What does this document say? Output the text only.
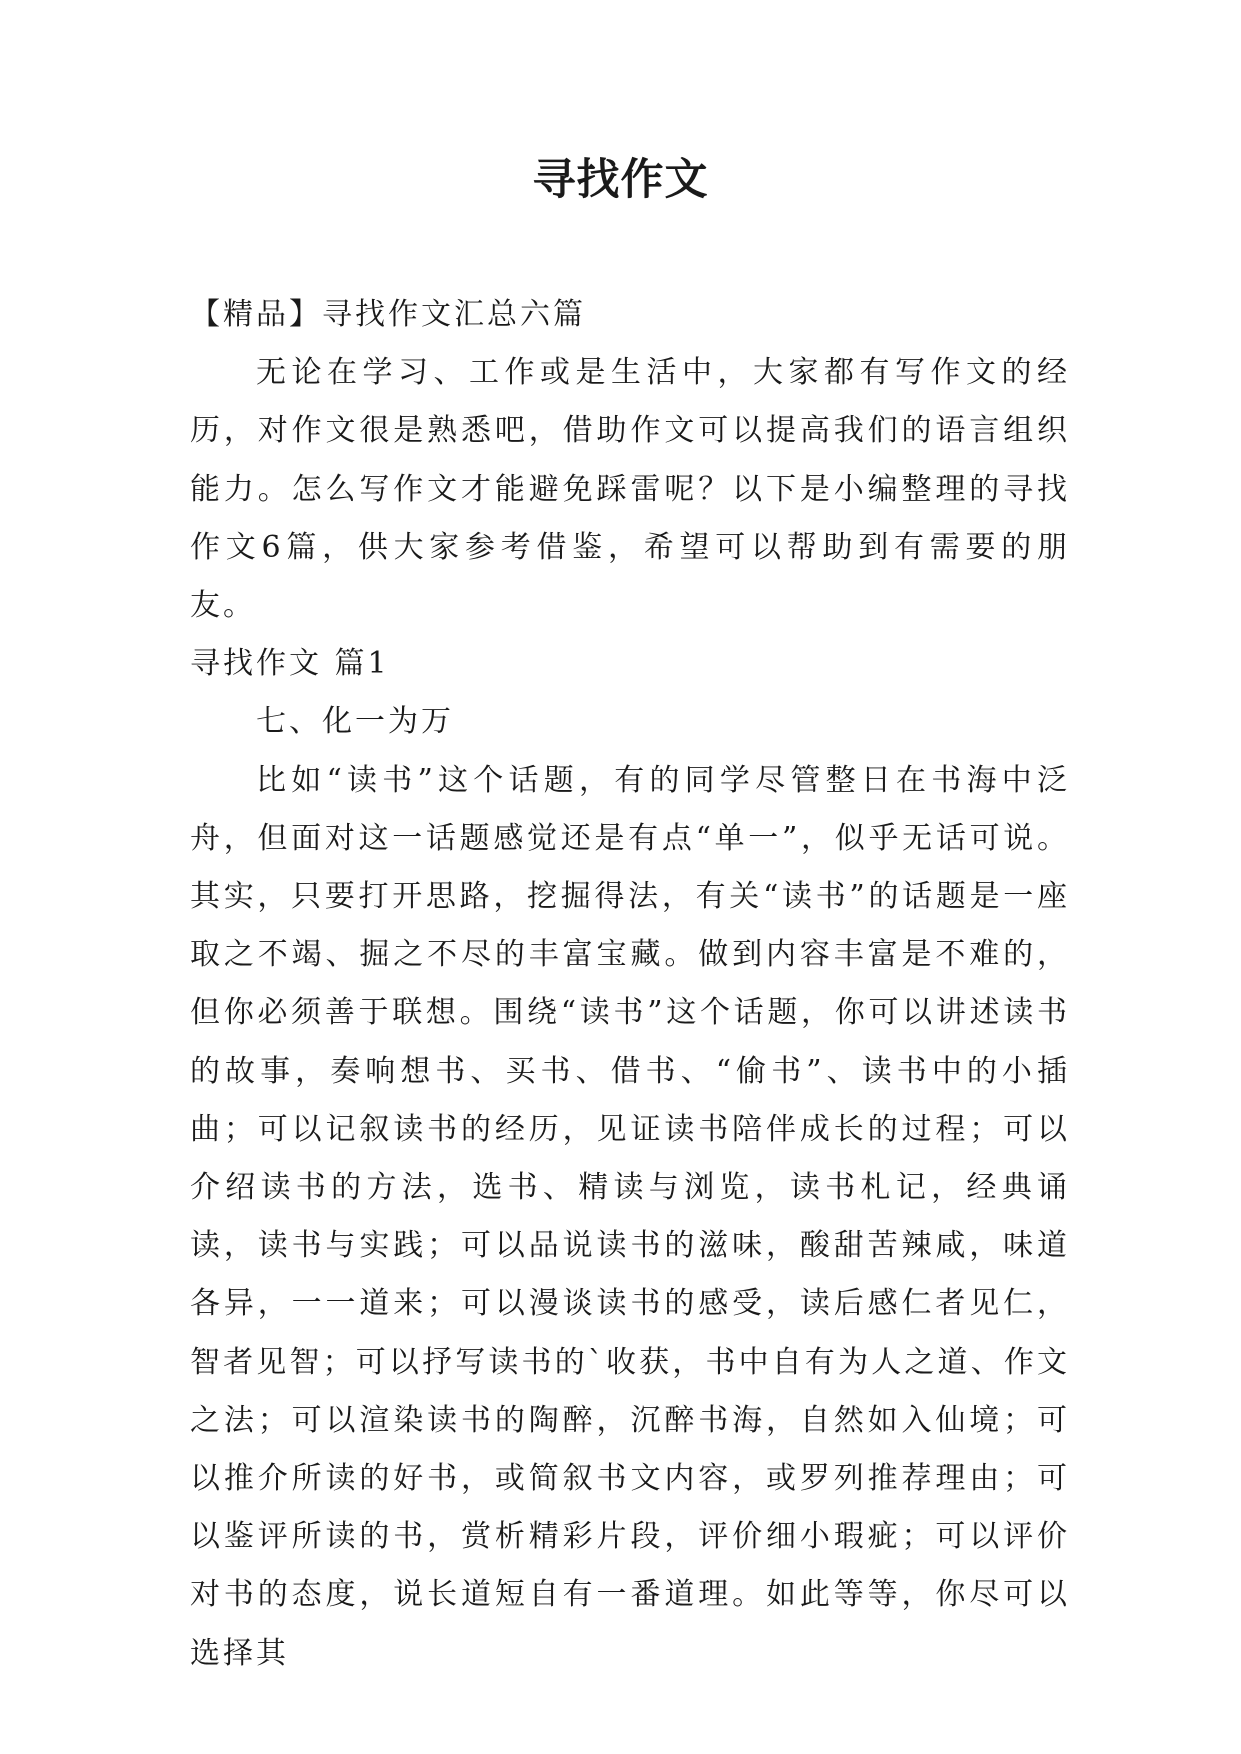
寻找作文

【精品】寻找作文汇总六篇

无论在学习、工作或是生活中，大家都有写作文的经历，对作文很是熟悉吧，借助作文可以提高我们的语言组织能力。怎么写作文才能避免踩雷呢？以下是小编整理的寻找作文6篇，供大家参考借鉴，希望可以帮助到有需要的朋友。

寻找作文 篇1

七、化一为万

比如“读书”这个话题，有的同学尽管整日在书海中泛舟，但面对这一话题感觉还是有点“单一”，似乎无话可说。其实，只要打开思路，挖掘得法，有关“读书”的话题是一座取之不竭、掘之不尽的丰富宝藏。做到内容丰富是不难的，但你必须善于联想。围绕“读书”这个话题，你可以讲述读书的故事，奏响想书、买书、借书、“偷书”、读书中的小插曲；可以记叙读书的经历，见证读书陪伴成长的过程；可以介绍读书的方法，选书、精读与浏览，读书札记，经典诵读，读书与实践；可以品说读书的滋味，酸甜苦辣咸，味道各异，一一道来；可以漫谈读书的感受，读后感仁者见仁，智者见智；可以抒写读书的`收获，书中自有为人之道、作文之法；可以渲染读书的陶醉，沉醉书海，自然如入仙境；可以推介所读的好书，或简叙书文内容，或罗列推荐理由；可以鉴评所读的书，赏析精彩片段，评价细小瑕疵；可以评价对书的态度，说长道短自有一番道理。如此等等，你尽可以选择其
